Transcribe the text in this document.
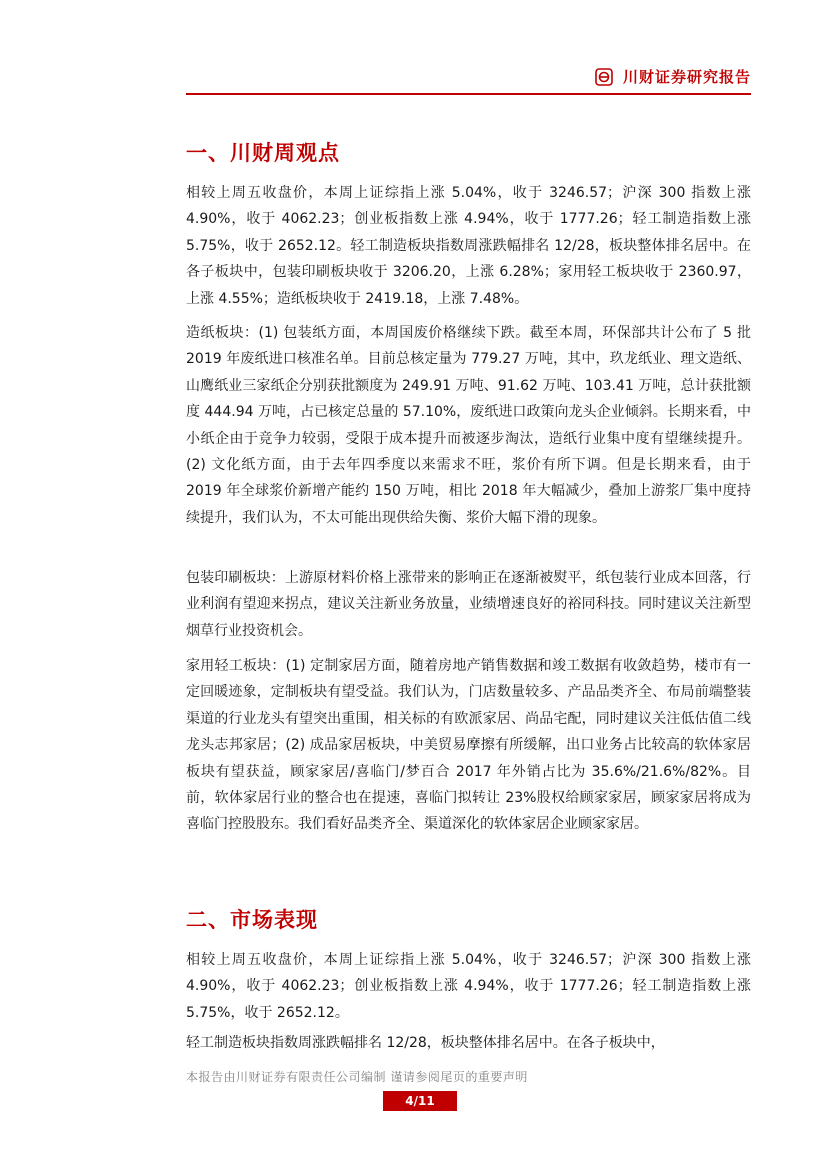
川财证券研究报告
一、川财周观点

相较上周五收盘价，本周上证综指上涨 5.04%，收于 3246.57；沪深 300 指数上涨 4.90%，收于 4062.23；创业板指数上涨 4.94%，收于 1777.26；轻工制造指数上涨 5.75%，收于 2652.12。轻工制造板块指数周涨跌幅排名 12/28，板块整体排名居中。在各子板块中，包装印刷板块收于 3206.20，上涨 6.28%；家用轻工板块收于 2360.97，上涨 4.55%；造纸板块收于 2419.18，上涨 7.48%。

造纸板块：(1) 包装纸方面，本周国废价格继续下跌。截至本周，环保部共计公布了 5 批 2019 年废纸进口核准名单。目前总核定量为 779.27 万吨，其中，玖龙纸业、理文造纸、山鹰纸业三家纸企分别获批额度为 249.91 万吨、91.62 万吨、103.41 万吨，总计获批额度 444.94 万吨，占已核定总量的 57.10%，废纸进口政策向龙头企业倾斜。长期来看，中小纸企由于竞争力较弱，受限于成本提升而被逐步淘汰，造纸行业集中度有望继续提升。(2) 文化纸方面，由于去年四季度以来需求不旺，浆价有所下调。但是长期来看，由于 2019 年全球浆价新增产能约 150 万吨，相比 2018 年大幅减少，叠加上游浆厂集中度持续提升，我们认为，不太可能出现供给失衡、浆价大幅下滑的现象。

包装印刷板块：上游原材料价格上涨带来的影响正在逐渐被熨平，纸包装行业成本回落，行业利润有望迎来拐点，建议关注新业务放量，业绩增速良好的裕同科技。同时建议关注新型烟草行业投资机会。

家用轻工板块：(1) 定制家居方面，随着房地产销售数据和竣工数据有收敛趋势，楼市有一定回暖迹象，定制板块有望受益。我们认为，门店数量较多、产品品类齐全、布局前端整装渠道的行业龙头有望突出重围，相关标的有欧派家居、尚品宅配，同时建议关注低估值二线龙头志邦家居；(2) 成品家居板块，中美贸易摩擦有所缓解，出口业务占比较高的软体家居板块有望获益，顾家家居/喜临门/梦百合 2017 年外销占比为 35.6%/21.6%/82%。目前，软体家居行业的整合也在提速，喜临门拟转让 23%股权给顾家家居，顾家家居将成为喜临门控股股东。我们看好品类齐全、渠道深化的软体家居企业顾家家居。

二、市场表现

相较上周五收盘价，本周上证综指上涨 5.04%，收于 3246.57；沪深 300 指数上涨 4.90%，收于 4062.23；创业板指数上涨 4.94%，收于 1777.26；轻工制造指数上涨 5.75%，收于 2652.12。

轻工制造板块指数周涨跌幅排名 12/28，板块整体排名居中。在各子板块中，

本报告由川财证券有限责任公司编制 谨请参阅尾页的重要声明
4/11
